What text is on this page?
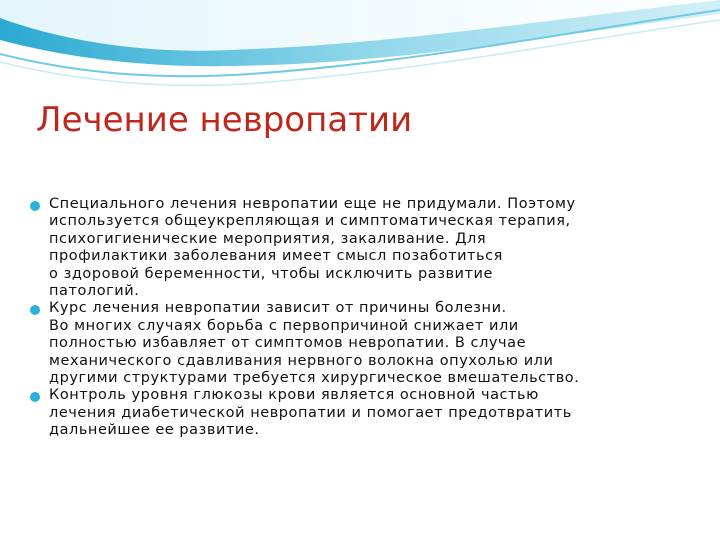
Лечение невропатии
Специального лечения невропатии еще не придумали. Поэтому
используется общеукрепляющая и симптоматическая терапия,
психогигиенические мероприятия, закаливание. Для
профилактики заболевания имеет смысл позаботиться
о здоровой беременности, чтобы исключить развитие
патологий.
Курс лечения невропатии зависит от причины болезни.
Во многих случаях борьба с первопричиной снижает или
полностью избавляет от симптомов невропатии. В случае
механического сдавливания нервного волокна опухолью или
другими структурами требуется хирургическое вмешательство.
Контроль уровня глюкозы крови является основной частью
лечения диабетической невропатии и помогает предотвратить
дальнейшее ее развитие.
